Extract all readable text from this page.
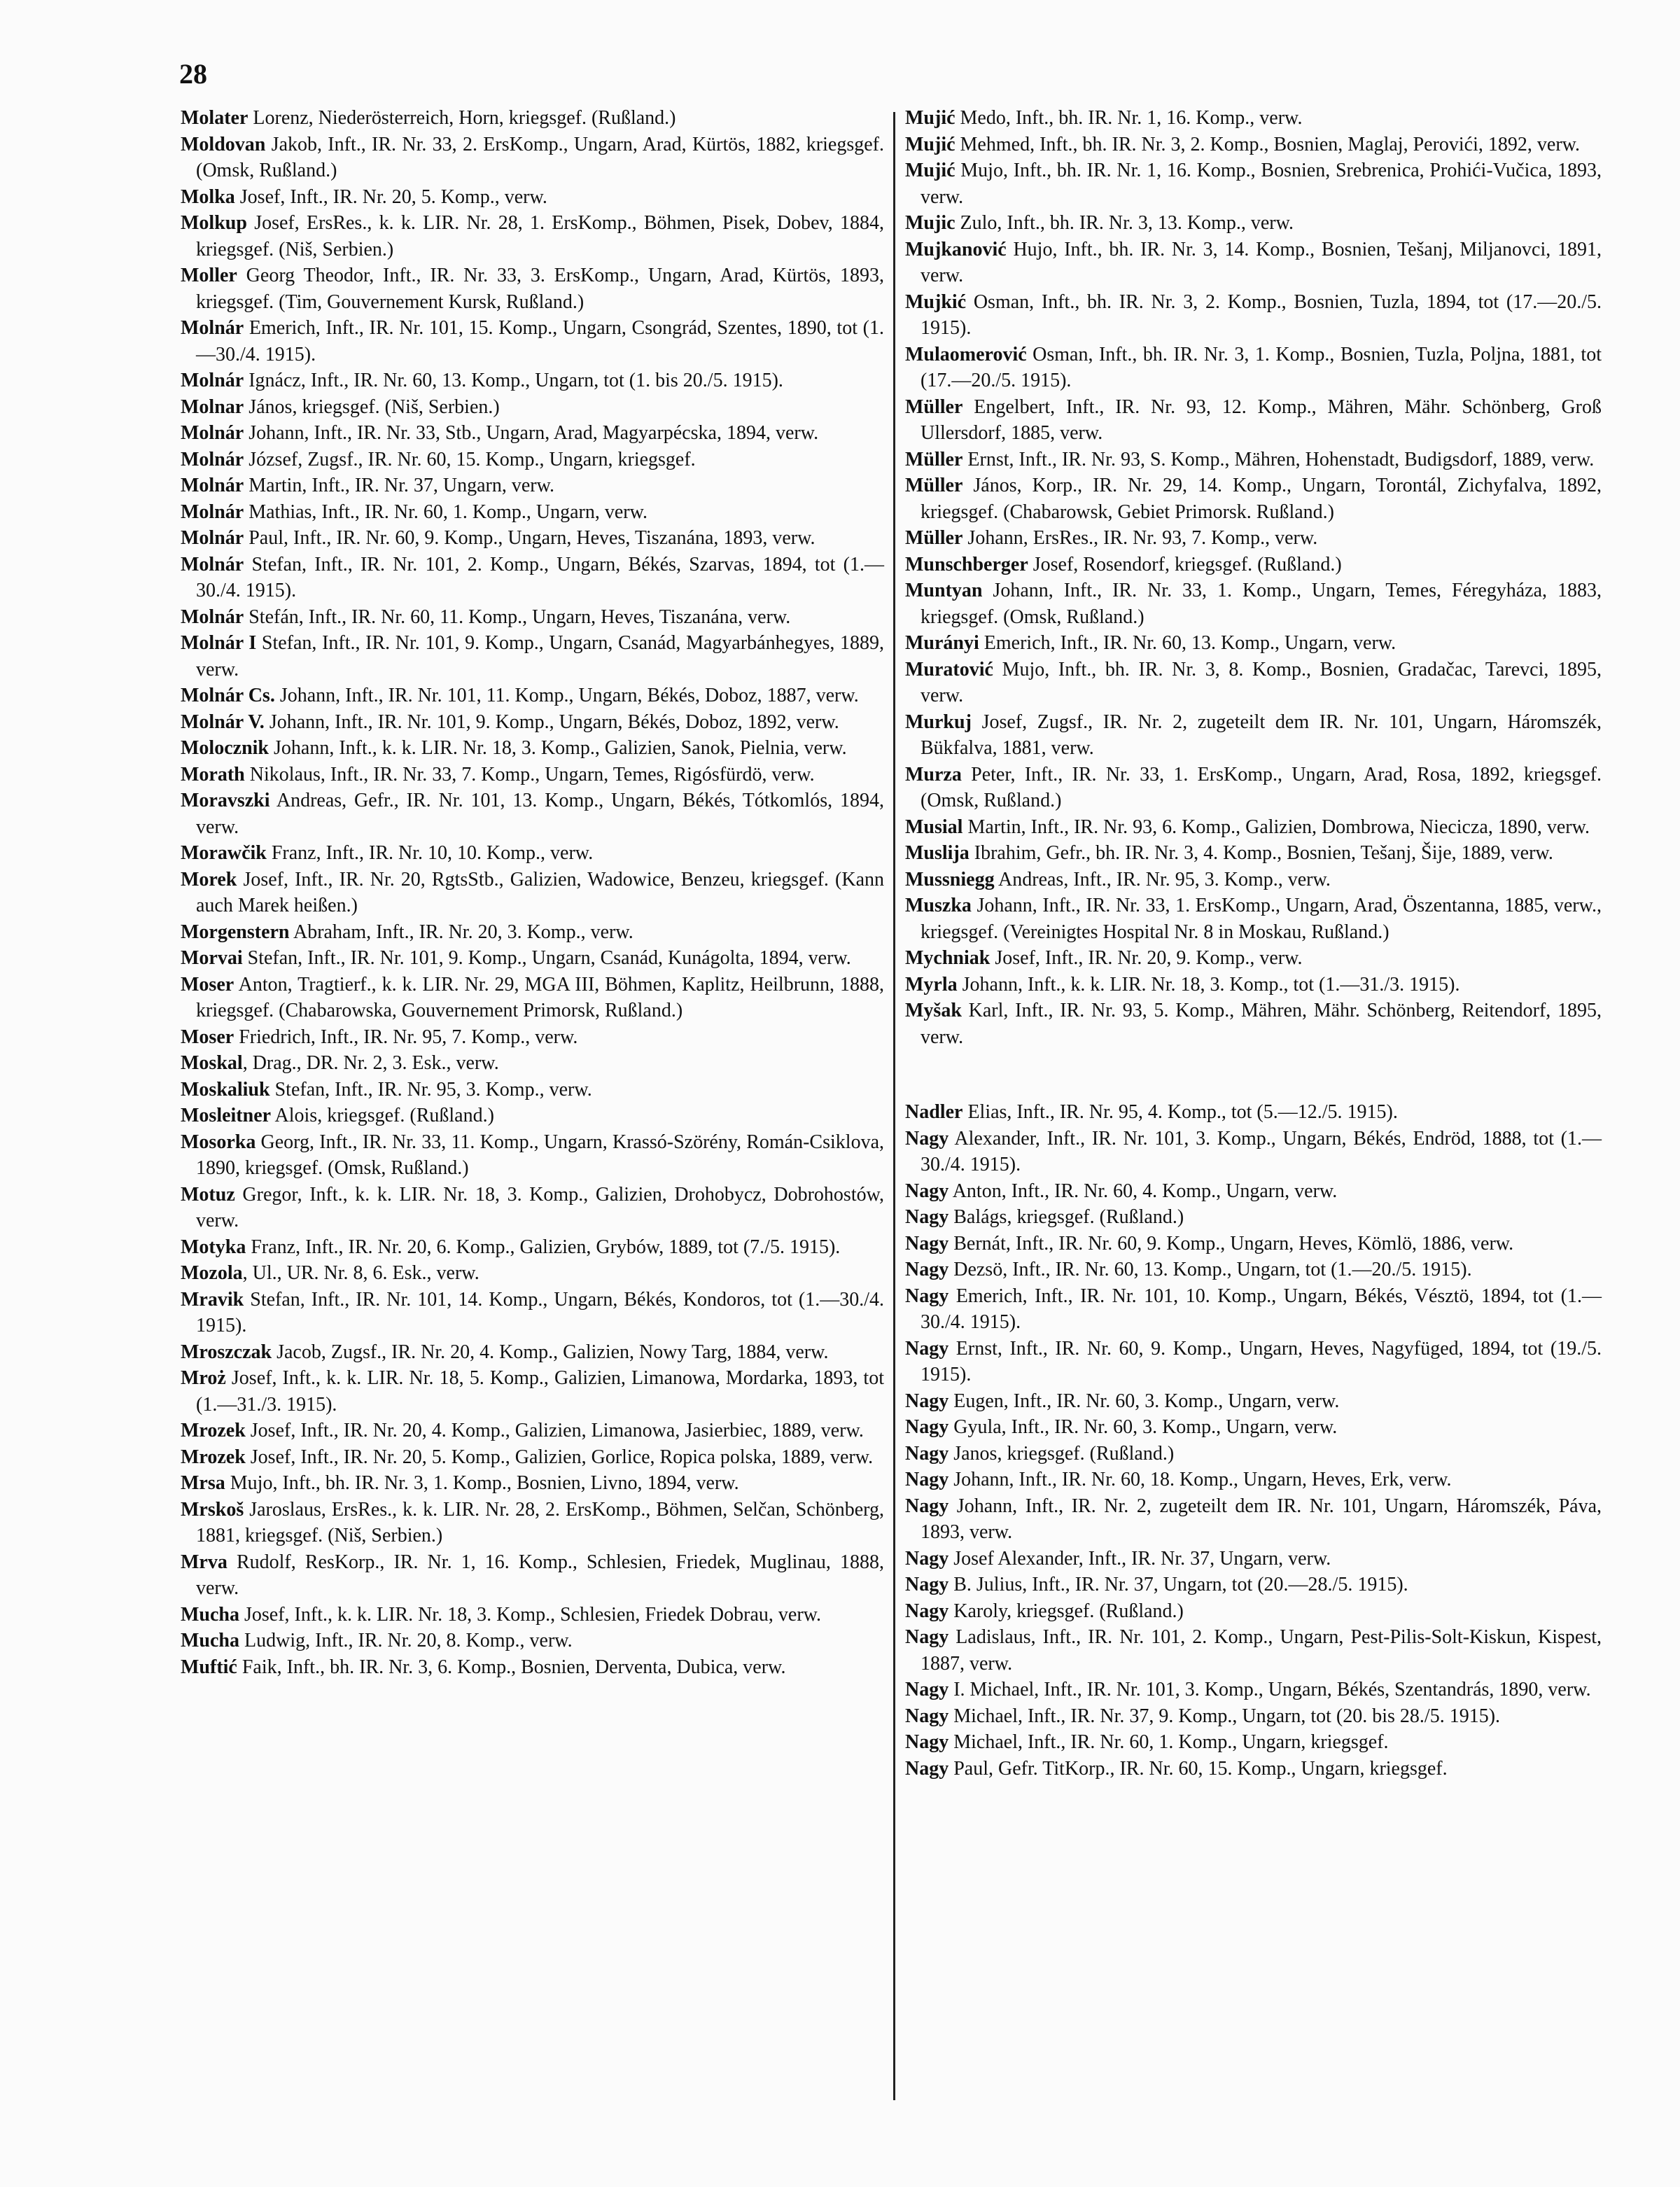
28
Molater Lorenz, Niederösterreich, Horn, kriegsgef. (Rußland.)
Moldovan Jakob, Inft., IR. Nr. 33, 2. ErsKomp., Ungarn, Arad, Kürtös, 1882, kriegsgef. (Omsk, Rußland.)
Molka Josef, Inft., IR. Nr. 20, 5. Komp., verw.
Molkup Josef, ErsRes., k. k. LIR. Nr. 28, 1. ErsKomp., Böhmen, Pisek, Dobev, 1884, kriegsgef. (Niš, Serbien.)
Moller Georg Theodor, Inft., IR. Nr. 33, 3. ErsKomp., Ungarn, Arad, Kürtös, 1893, kriegsgef. (Tim, Gouvernement Kursk, Rußland.)
Molnár Emerich, Inft., IR. Nr. 101, 15. Komp., Ungarn, Csongrád, Szentes, 1890, tot (1.—30./4. 1915).
Molnár Ignácz, Inft., IR. Nr. 60, 13. Komp., Ungarn, tot (1. bis 20./5. 1915).
Molnar János, kriegsgef. (Niš, Serbien.)
Molnár Johann, Inft., IR. Nr. 33, Stb., Ungarn, Arad, Magyarpécska, 1894, verw.
Molnár József, Zugsf., IR. Nr. 60, 15. Komp., Ungarn, kriegsgef.
Molnár Martin, Inft., IR. Nr. 37, Ungarn, verw.
Molnár Mathias, Inft., IR. Nr. 60, 1. Komp., Ungarn, verw.
Molnár Paul, Inft., IR. Nr. 60, 9. Komp., Ungarn, Heves, Tiszanána, 1893, verw.
Molnár Stefan, Inft., IR. Nr. 101, 2. Komp., Ungarn, Békés, Szarvas, 1894, tot (1.—30./4. 1915).
Molnár Stefán, Inft., IR. Nr. 60, 11. Komp., Ungarn, Heves, Tiszanána, verw.
Molnár I Stefan, Inft., IR. Nr. 101, 9. Komp., Ungarn, Csanád, Magyarbánhegyes, 1889, verw.
Molnár Cs. Johann, Inft., IR. Nr. 101, 11. Komp., Ungarn, Békés, Doboz, 1887, verw.
Molnár V. Johann, Inft., IR. Nr. 101, 9. Komp., Ungarn, Békés, Doboz, 1892, verw.
Molocznik Johann, Inft., k. k. LIR. Nr. 18, 3. Komp., Galizien, Sanok, Pielnia, verw.
Morath Nikolaus, Inft., IR. Nr. 33, 7. Komp., Ungarn, Temes, Rigósfürdö, verw.
Moravszki Andreas, Gefr., IR. Nr. 101, 13. Komp., Ungarn, Békés, Tótkomlós, 1894, verw.
Morawčik Franz, Inft., IR. Nr. 10, 10. Komp., verw.
Morek Josef, Inft., IR. Nr. 20, RgtsStb., Galizien, Wadowice, Benzeu, kriegsgef. (Kann auch Marek heißen.)
Morgenstern Abraham, Inft., IR. Nr. 20, 3. Komp., verw.
Morvai Stefan, Inft., IR. Nr. 101, 9. Komp., Ungarn, Csanád, Kunágolta, 1894, verw.
Moser Anton, Tragtierf., k. k. LIR. Nr. 29, MGA III, Böhmen, Kaplitz, Heilbrunn, 1888, kriegsgef. (Chabarowska, Gouvernement Primorsk, Rußland.)
Moser Friedrich, Inft., IR. Nr. 95, 7. Komp., verw.
Moskal, Drag., DR. Nr. 2, 3. Esk., verw.
Moskaliuk Stefan, Inft., IR. Nr. 95, 3. Komp., verw.
Mosleitner Alois, kriegsgef. (Rußland.)
Mosorka Georg, Inft., IR. Nr. 33, 11. Komp., Ungarn, Krassó-Szörény, Román-Csiklova, 1890, kriegsgef. (Omsk, Rußland.)
Motuz Gregor, Inft., k. k. LIR. Nr. 18, 3. Komp., Galizien, Drohobycz, Dobrohostów, verw.
Motyka Franz, Inft., IR. Nr. 20, 6. Komp., Galizien, Grybów, 1889, tot (7./5. 1915).
Mozola, Ul., UR. Nr. 8, 6. Esk., verw.
Mravik Stefan, Inft., IR. Nr. 101, 14. Komp., Ungarn, Békés, Kondoros, tot (1.—30./4. 1915).
Mroszczak Jacob, Zugsf., IR. Nr. 20, 4. Komp., Galizien, Nowy Targ, 1884, verw.
Mroż Josef, Inft., k. k. LIR. Nr. 18, 5. Komp., Galizien, Limanowa, Mordarka, 1893, tot (1.—31./3. 1915).
Mrozek Josef, Inft., IR. Nr. 20, 4. Komp., Galizien, Limanowa, Jasierbiec, 1889, verw.
Mrozek Josef, Inft., IR. Nr. 20, 5. Komp., Galizien, Gorlice, Ropica polska, 1889, verw.
Mrsa Mujo, Inft., bh. IR. Nr. 3, 1. Komp., Bosnien, Livno, 1894, verw.
Mrskoš Jaroslaus, ErsRes., k. k. LIR. Nr. 28, 2. ErsKomp., Böhmen, Selčan, Schönberg, 1881, kriegsgef. (Niš, Serbien.)
Mrva Rudolf, ResKorp., IR. Nr. 1, 16. Komp., Schlesien, Friedek, Muglinau, 1888, verw.
Mucha Josef, Inft., k. k. LIR. Nr. 18, 3. Komp., Schlesien, Friedek Dobrau, verw.
Mucha Ludwig, Inft., IR. Nr. 20, 8. Komp., verw.
Muftić Faik, Inft., bh. IR. Nr. 3, 6. Komp., Bosnien, Derventa, Dubica, verw.
Mujić Medo, Inft., bh. IR. Nr. 1, 16. Komp., verw.
Mujić Mehmed, Inft., bh. IR. Nr. 3, 2. Komp., Bosnien, Maglaj, Perovići, 1892, verw.
Mujić Mujo, Inft., bh. IR. Nr. 1, 16. Komp., Bosnien, Srebrenica, Prohići-Vučica, 1893, verw.
Mujic Zulo, Inft., bh. IR. Nr. 3, 13. Komp., verw.
Mujkanović Hujo, Inft., bh. IR. Nr. 3, 14. Komp., Bosnien, Tešanj, Miljanovci, 1891, verw.
Mujkić Osman, Inft., bh. IR. Nr. 3, 2. Komp., Bosnien, Tuzla, 1894, tot (17.—20./5. 1915).
Mulaomerović Osman, Inft., bh. IR. Nr. 3, 1. Komp., Bosnien, Tuzla, Poljna, 1881, tot (17.—20./5. 1915).
Müller Engelbert, Inft., IR. Nr. 93, 12. Komp., Mähren, Mähr. Schönberg, Groß Ullersdorf, 1885, verw.
Müller Ernst, Inft., IR. Nr. 93, S. Komp., Mähren, Hohenstadt, Budigsdorf, 1889, verw.
Müller János, Korp., IR. Nr. 29, 14. Komp., Ungarn, Torontál, Zichyfalva, 1892, kriegsgef. (Chabarowsk, Gebiet Primorsk. Rußland.)
Müller Johann, ErsRes., IR. Nr. 93, 7. Komp., verw.
Munschberger Josef, Rosendorf, kriegsgef. (Rußland.)
Muntyan Johann, Inft., IR. Nr. 33, 1. Komp., Ungarn, Temes, Féregyháza, 1883, kriegsgef. (Omsk, Rußland.)
Murányi Emerich, Inft., IR. Nr. 60, 13. Komp., Ungarn, verw.
Muratović Mujo, Inft., bh. IR. Nr. 3, 8. Komp., Bosnien, Gradačac, Tarevci, 1895, verw.
Murkuj Josef, Zugsf., IR. Nr. 2, zugeteilt dem IR. Nr. 101, Ungarn, Háromszék, Bükfalva, 1881, verw.
Murza Peter, Inft., IR. Nr. 33, 1. ErsKomp., Ungarn, Arad, Rosa, 1892, kriegsgef. (Omsk, Rußland.)
Musial Martin, Inft., IR. Nr. 93, 6. Komp., Galizien, Dombrowa, Niecicza, 1890, verw.
Muslija Ibrahim, Gefr., bh. IR. Nr. 3, 4. Komp., Bosnien, Tešanj, Šije, 1889, verw.
Mussniegg Andreas, Inft., IR. Nr. 95, 3. Komp., verw.
Muszka Johann, Inft., IR. Nr. 33, 1. ErsKomp., Ungarn, Arad, Öszentanna, 1885, verw., kriegsgef. (Vereinigtes Hospital Nr. 8 in Moskau, Rußland.)
Mychniak Josef, Inft., IR. Nr. 20, 9. Komp., verw.
Myrla Johann, Inft., k. k. LIR. Nr. 18, 3. Komp., tot (1.—31./3. 1915).
Myšak Karl, Inft., IR. Nr. 93, 5. Komp., Mähren, Mähr. Schönberg, Reitendorf, 1895, verw.
Nadler Elias, Inft., IR. Nr. 95, 4. Komp., tot (5.—12./5. 1915).
Nagy Alexander, Inft., IR. Nr. 101, 3. Komp., Ungarn, Békés, Endröd, 1888, tot (1.—30./4. 1915).
Nagy Anton, Inft., IR. Nr. 60, 4. Komp., Ungarn, verw.
Nagy Balágs, kriegsgef. (Rußland.)
Nagy Bernát, Inft., IR. Nr. 60, 9. Komp., Ungarn, Heves, Kömlö, 1886, verw.
Nagy Dezsö, Inft., IR. Nr. 60, 13. Komp., Ungarn, tot (1.—20./5. 1915).
Nagy Emerich, Inft., IR. Nr. 101, 10. Komp., Ungarn, Békés, Vésztö, 1894, tot (1.—30./4. 1915).
Nagy Ernst, Inft., IR. Nr. 60, 9. Komp., Ungarn, Heves, Nagyfüged, 1894, tot (19./5. 1915).
Nagy Eugen, Inft., IR. Nr. 60, 3. Komp., Ungarn, verw.
Nagy Gyula, Inft., IR. Nr. 60, 3. Komp., Ungarn, verw.
Nagy Janos, kriegsgef. (Rußland.)
Nagy Johann, Inft., IR. Nr. 60, 18. Komp., Ungarn, Heves, Erk, verw.
Nagy Johann, Inft., IR. Nr. 2, zugeteilt dem IR. Nr. 101, Ungarn, Háromszék, Páva, 1893, verw.
Nagy Josef Alexander, Inft., IR. Nr. 37, Ungarn, verw.
Nagy B. Julius, Inft., IR. Nr. 37, Ungarn, tot (20.—28./5. 1915).
Nagy Karoly, kriegsgef. (Rußland.)
Nagy Ladislaus, Inft., IR. Nr. 101, 2. Komp., Ungarn, Pest-Pilis-Solt-Kiskun, Kispest, 1887, verw.
Nagy I. Michael, Inft., IR. Nr. 101, 3. Komp., Ungarn, Békés, Szentandrás, 1890, verw.
Nagy Michael, Inft., IR. Nr. 37, 9. Komp., Ungarn, tot (20. bis 28./5. 1915).
Nagy Michael, Inft., IR. Nr. 60, 1. Komp., Ungarn, kriegsgef.
Nagy Paul, Gefr. TitKorp., IR. Nr. 60, 15. Komp., Ungarn, kriegsgef.
